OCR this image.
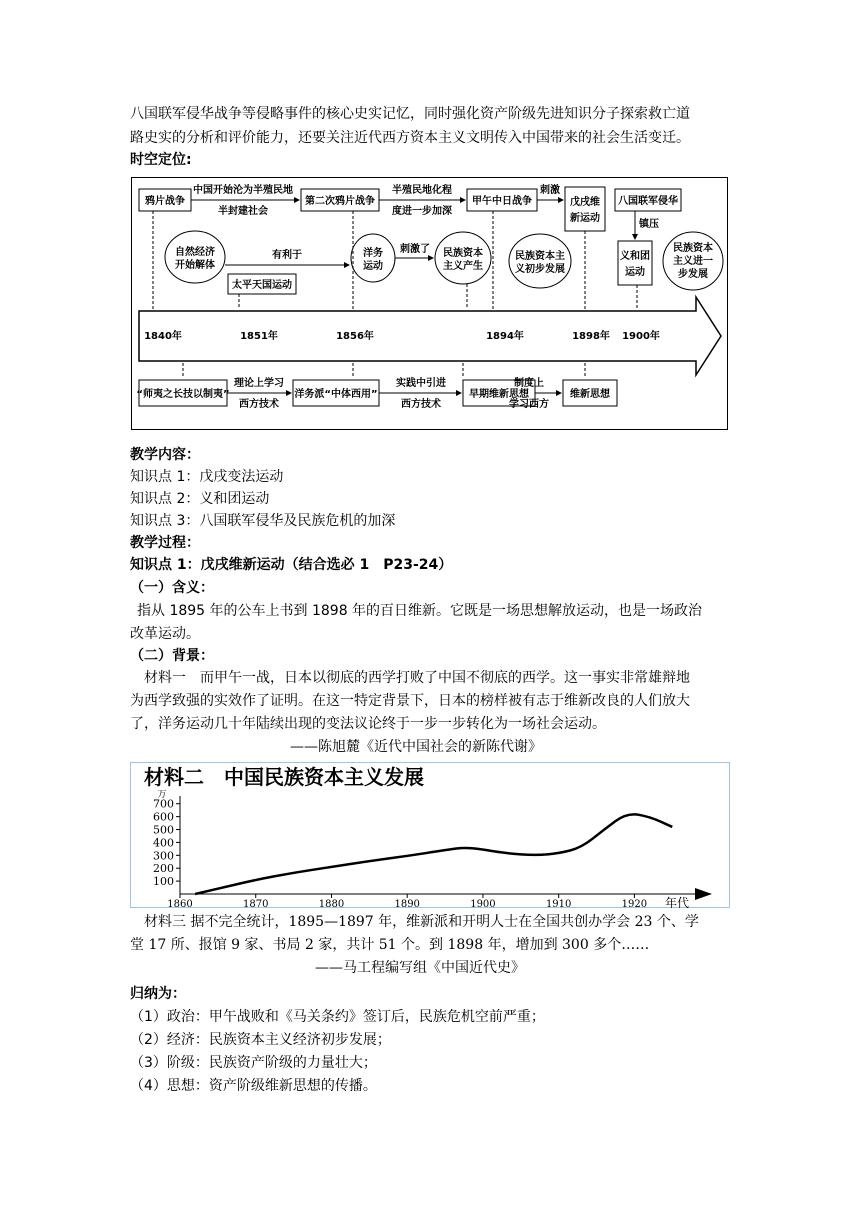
八国联军侵华战争等侵略事件的核心史实记忆，同时强化资产阶级先进知识分子探索救亡道
路史实的分析和评价能力，还要关注近代西方资本主义文明传入中国带来的社会生活变迁。
时空定位:
鸦片战争	第二次鸦片战争	甲午中日战争	戊戌维
新运动
八国联军侵华
中国开始沦为半殖民地
半封建社会
半殖民地化程
度进一步加深
刺激
镇压
自然经济
开始解体
洋务
运动
民族资本
主义产生
民族资本主
义初步发展
民族资本
主义进一
步发展
有利于
刺激了
太平天国运动
义和团
运动
1840年	1851年	1856年	1894年	1898年 1900年
“师夷之长技以制夷”	洋务派“中体西用”	早期维新思想	维新思想
理论上学习
西方技术
实践中引进
西方技术
制度上
学习西方
教学内容：
知识点 1：戊戌变法运动
知识点 2：义和团运动
知识点 3：八国联军侵华及民族危机的加深
教学过程：
知识点 1：戊戌维新运动（结合选必 1　P23-24）
（一）含义：
指从 1895 年的公车上书到 1898 年的百日维新。它既是一场思想解放运动，也是一场政治
改革运动。
（二）背景：
材料一　而甲午一战，日本以彻底的西学打败了中国不彻底的西学。这一事实非常雄辩地
为西学致强的实效作了证明。在这一特定背景下，日本的榜样被有志于维新改良的人们放大
了，洋务运动几十年陆续出现的变法议论终于一步一步转化为一场社会运动。
——陈旭麓《近代中国社会的新陈代谢》
材料二　中国民族资本主义发展
万
年代
100
200
300
400
500
600
700
1860	1870	1880	1890	1900	1910	1920
材料三 据不完全统计，1895—1897 年，维新派和开明人士在全国共创办学会 23 个、学
堂 17 所、报馆 9 家、书局 2 家，共计 51 个。到 1898 年，增加到 300 多个……
——马工程编写组《中国近代史》
归纳为：
（1）政治：甲午战败和《马关条约》签订后，民族危机空前严重；
（2）经济：民族资本主义经济初步发展；
（3）阶级：民族资产阶级的力量壮大；
（4）思想：资产阶级维新思想的传播。
